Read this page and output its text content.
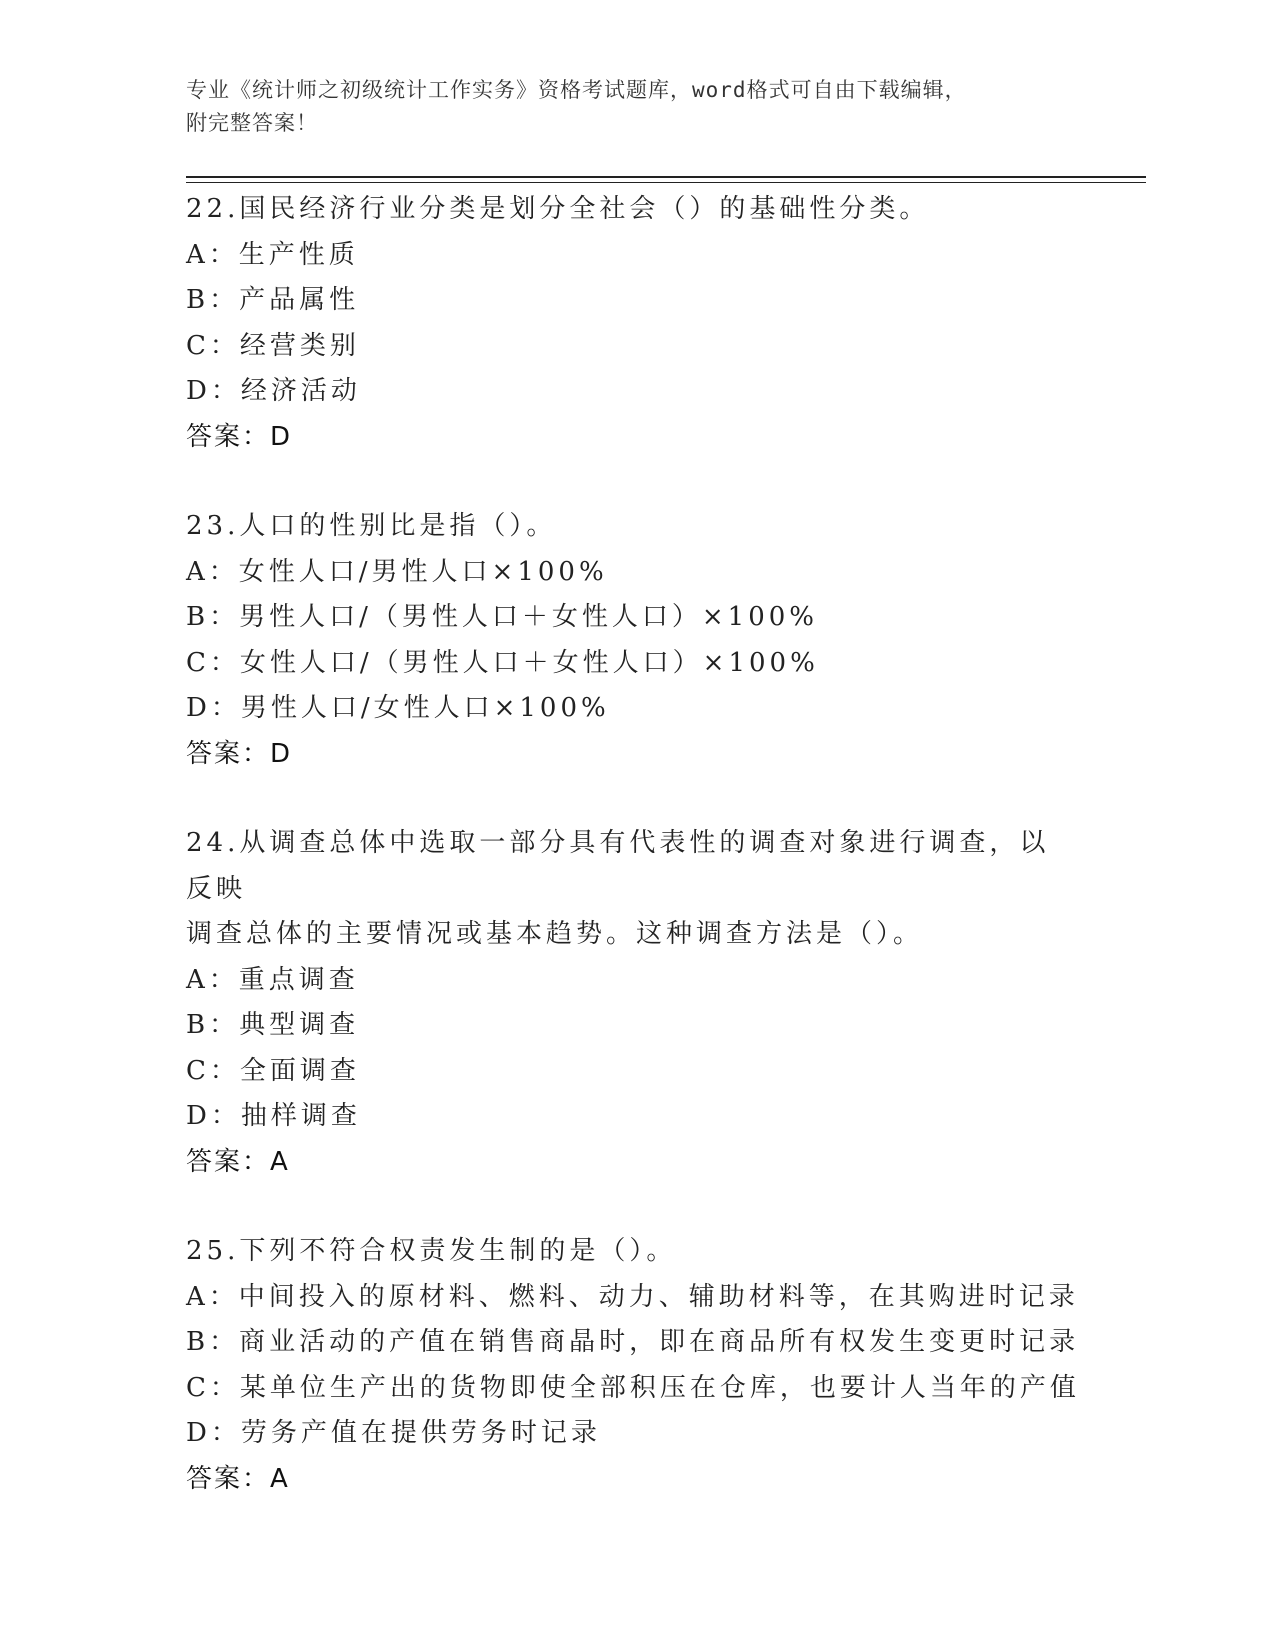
专业《统计师之初级统计工作实务》资格考试题库，word格式可自由下载编辑，
附完整答案！
22.国民经济行业分类是划分全社会（）的基础性分类。
A：生产性质
B：产品属性
C：经营类别
D：经济活动
答案：D
23.人口的性别比是指（）。
A：女性人口/男性人口×100%
B：男性人口/（男性人口＋女性人口）×100%
C：女性人口/（男性人口＋女性人口）×100%
D：男性人口/女性人口×100%
答案：D
24.从调查总体中选取一部分具有代表性的调查对象进行调查，以反映
调查总体的主要情况或基本趋势。这种调查方法是（）。
A：重点调查
B：典型调查
C：全面调查
D：抽样调查
答案：A
25.下列不符合权责发生制的是（）。
A：中间投入的原材料、燃料、动力、辅助材料等，在其购进时记录
B：商业活动的产值在销售商晶时，即在商品所有权发生变更时记录
C：某单位生产出的货物即使全部积压在仓库，也要计人当年的产值
D：劳务产值在提供劳务时记录
答案：A
